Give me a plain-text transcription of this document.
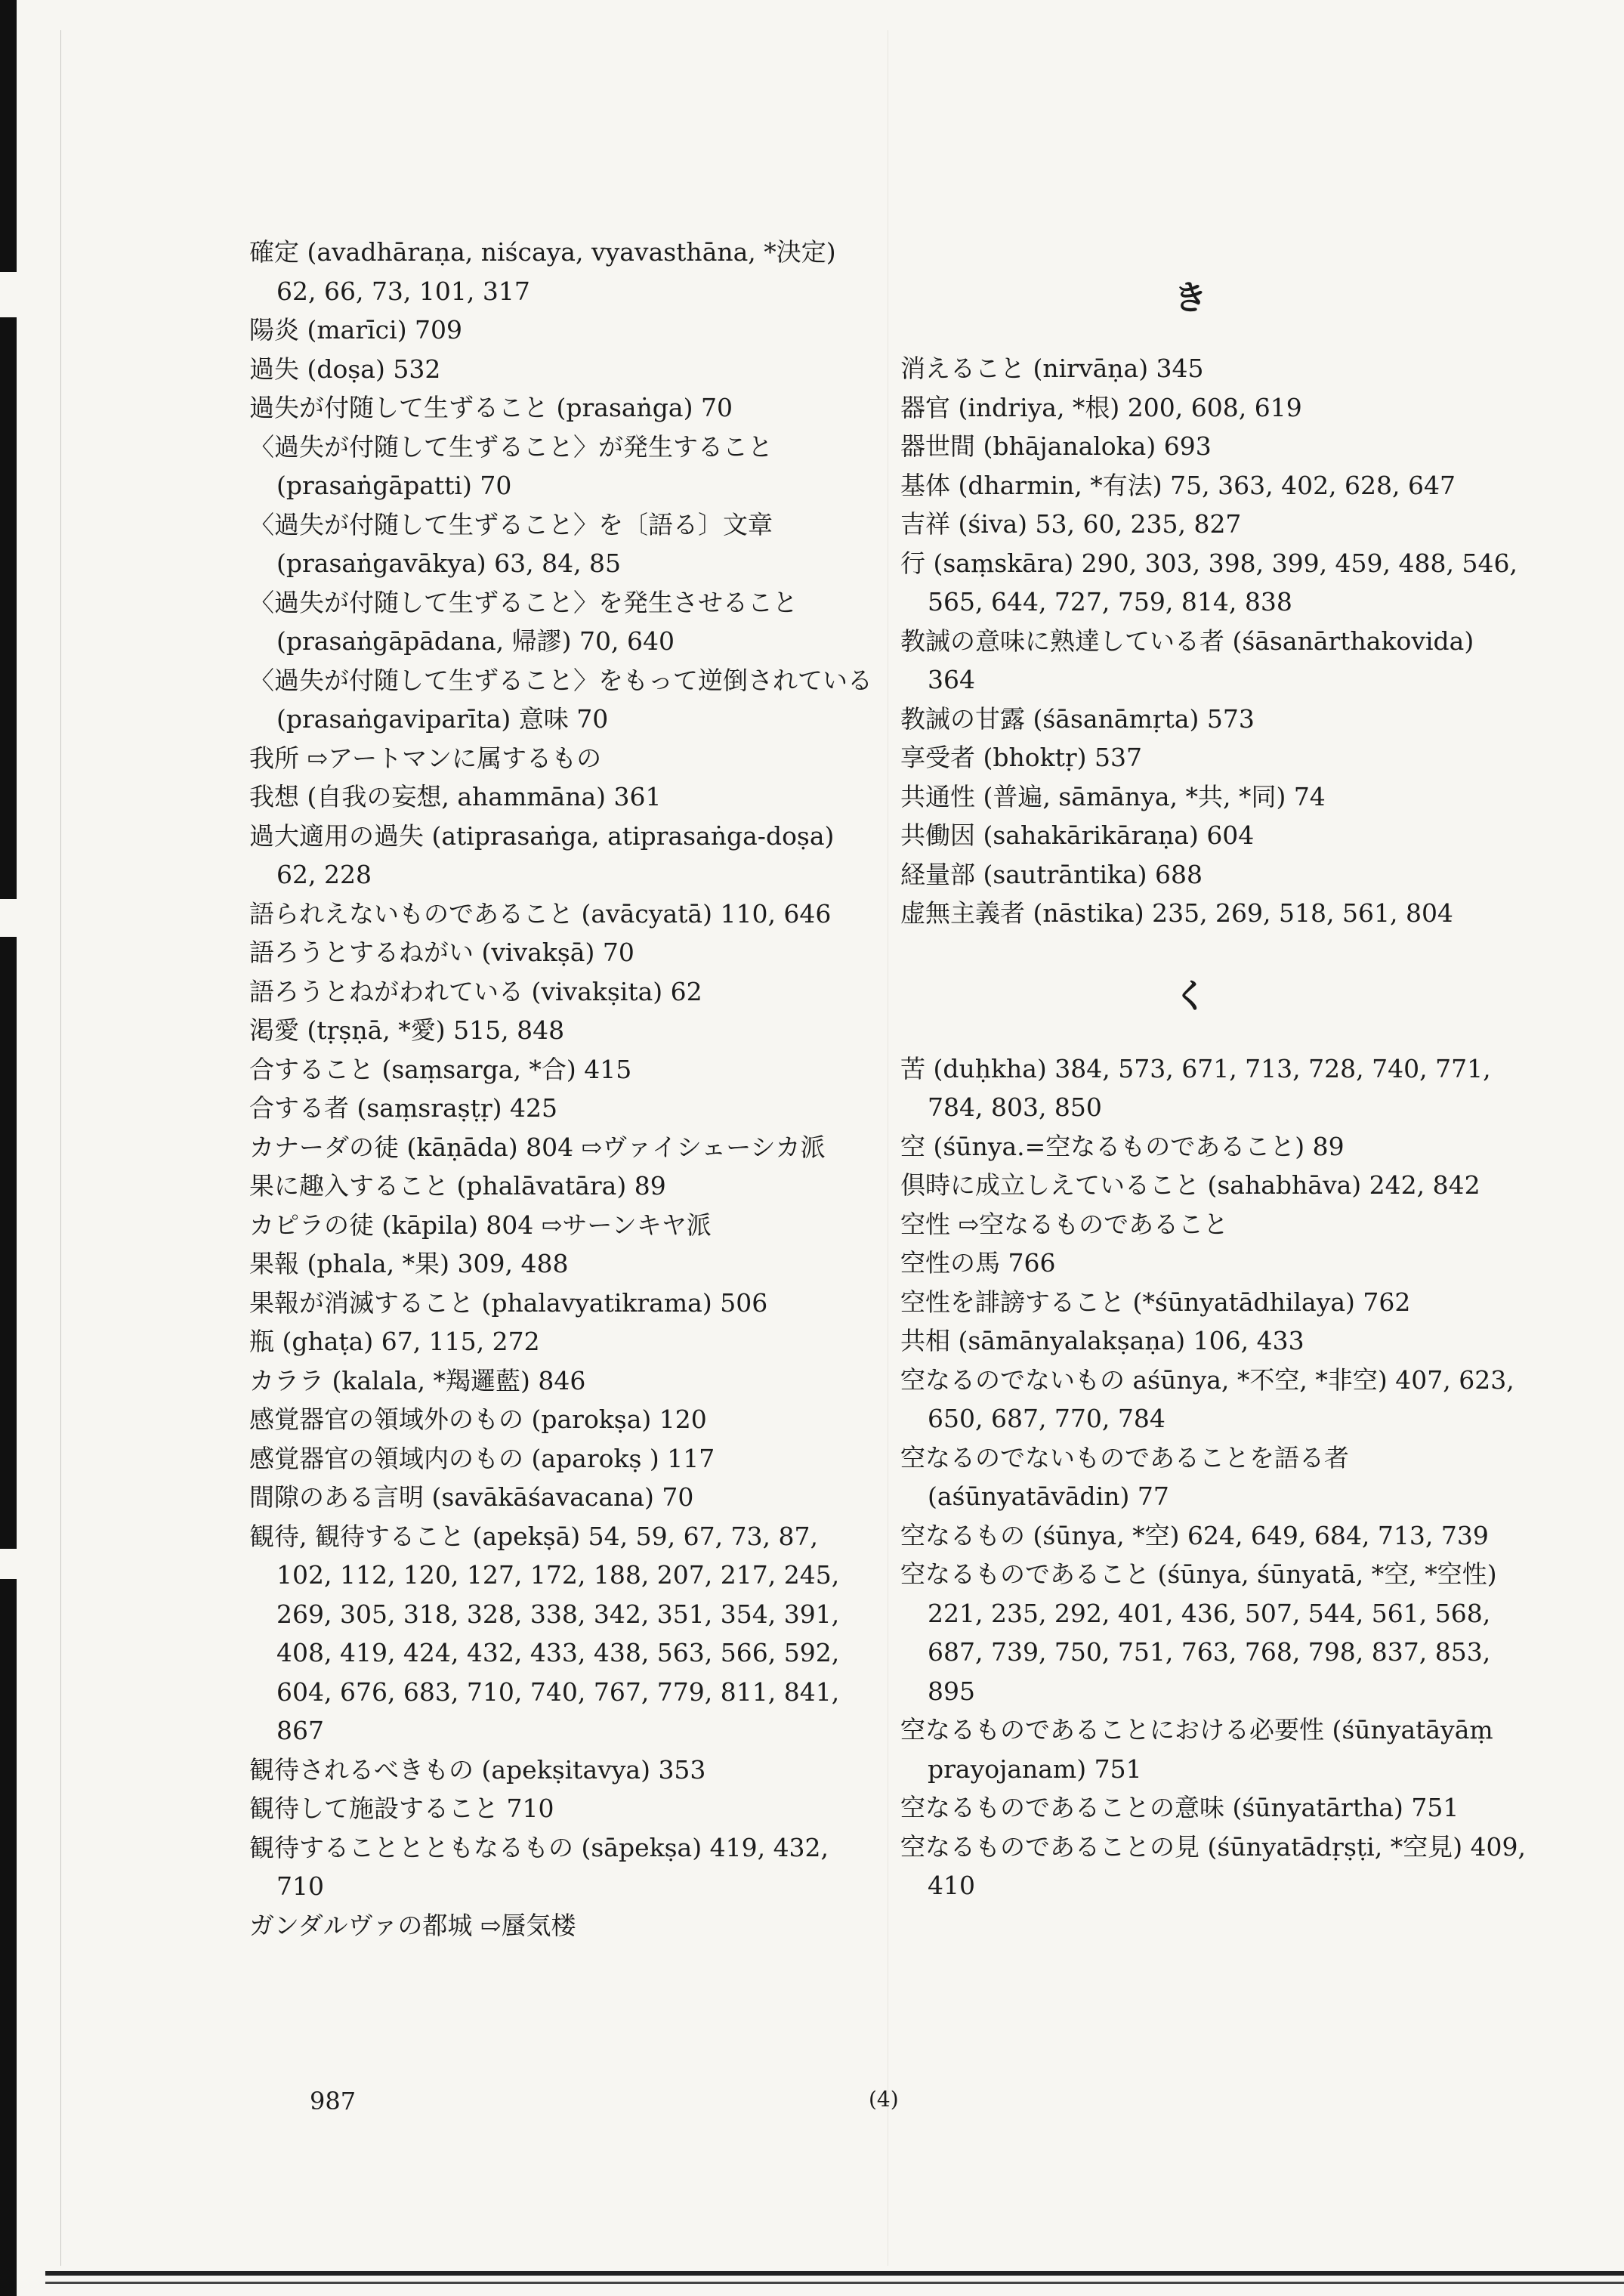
確定 (avadhāraṇa, niścaya, vyavasthāna, *決定) 62, 66, 73, 101, 317
陽炎 (marīci) 709
過失 (doṣa) 532
過失が付随して生ずること (prasaṅga) 70
〈過失が付随して生ずること〉が発生すること (prasaṅgāpatti) 70
〈過失が付随して生ずること〉を〔語る〕文章 (prasaṅgavākya) 63, 84, 85
〈過失が付随して生ずること〉を発生させること (prasaṅgāpādana, 帰謬) 70, 640
〈過失が付随して生ずること〉をもって逆倒されている (prasaṅgaviparīta) 意味 70
我所 ⇨アートマンに属するもの
我想 (自我の妄想, ahammāna) 361
過大適用の過失 (atiprasaṅga, atiprasaṅga-doṣa) 62, 228
語られえないものであること (avācyatā) 110, 646
語ろうとするねがい (vivakṣā) 70
語ろうとねがわれている (vivakṣita) 62
渇愛 (tṛṣṇā, *愛) 515, 848
合すること (saṃsarga, *合) 415
合する者 (saṃsraṣṭṛ) 425
カナーダの徒 (kāṇāda) 804 ⇨ヴァイシェーシカ派
果に趣入すること (phalāvatāra) 89
カピラの徒 (kāpila) 804 ⇨サーンキヤ派
果報 (phala, *果) 309, 488
果報が消滅すること (phalavyatikrama) 506
瓶 (ghaṭa) 67, 115, 272
カララ (kalala, *羯邏藍) 846
感覚器官の領域外のもの (parokṣa) 120
感覚器官の領域内のもの (aparokṣ ) 117
間隙のある言明 (savākāśavacana) 70
観待, 観待すること (apekṣā) 54, 59, 67, 73, 87, 102, 112, 120, 127, 172, 188, 207, 217, 245, 269, 305, 318, 328, 338, 342, 351, 354, 391, 408, 419, 424, 432, 433, 438, 563, 566, 592, 604, 676, 683, 710, 740, 767, 779, 811, 841, 867
観待されるべきもの (apekṣitavya) 353
観待して施設すること 710
観待することとともなるもの (sāpekṣa) 419, 432, 710
ガンダルヴァの都城 ⇨蜃気楼
き
消えること (nirvāṇa) 345
器官 (indriya, *根) 200, 608, 619
器世間 (bhājanaloka) 693
基体 (dharmin, *有法) 75, 363, 402, 628, 647
吉祥 (śiva) 53, 60, 235, 827
行 (saṃskāra) 290, 303, 398, 399, 459, 488, 546, 565, 644, 727, 759, 814, 838
教誡の意味に熟達している者 (śāsanārthakovida) 364
教誡の甘露 (śāsanāmṛta) 573
享受者 (bhoktṛ) 537
共通性 (普遍, sāmānya, *共, *同) 74
共働因 (sahakārikāraṇa) 604
経量部 (sautrāntika) 688
虚無主義者 (nāstika) 235, 269, 518, 561, 804
苦 (duḥkha) 384, 573, 671, 713, 728, 740, 771, 784, 803, 850
空 (śūnya.=空なるものであること) 89
倶時に成立しえていること (sahabhāva) 242, 842
空性 ⇨空なるものであること
空性の馬 766
空性を誹謗すること (*śūnyatādhilaya) 762
共相 (sāmānyalakṣaṇa) 106, 433
空なるのでないもの aśūnya, *不空, *非空) 407, 623, 650, 687, 770, 784
空なるのでないものであることを語る者 (aśūnyatāvādin) 77
空なるもの (śūnya, *空) 624, 649, 684, 713, 739
空なるものであること (śūnya, śūnyatā, *空, *空性) 221, 235, 292, 401, 436, 507, 544, 561, 568, 687, 739, 750, 751, 763, 768, 798, 837, 853, 895
空なるものであることにおける必要性 (śūnyatāyāṃ prayojanam) 751
空なるものであることの意味 (śūnyatārtha) 751
空なるものであることの見 (śūnyatādṛṣṭi, *空見) 409, 410
く
987	(4)
